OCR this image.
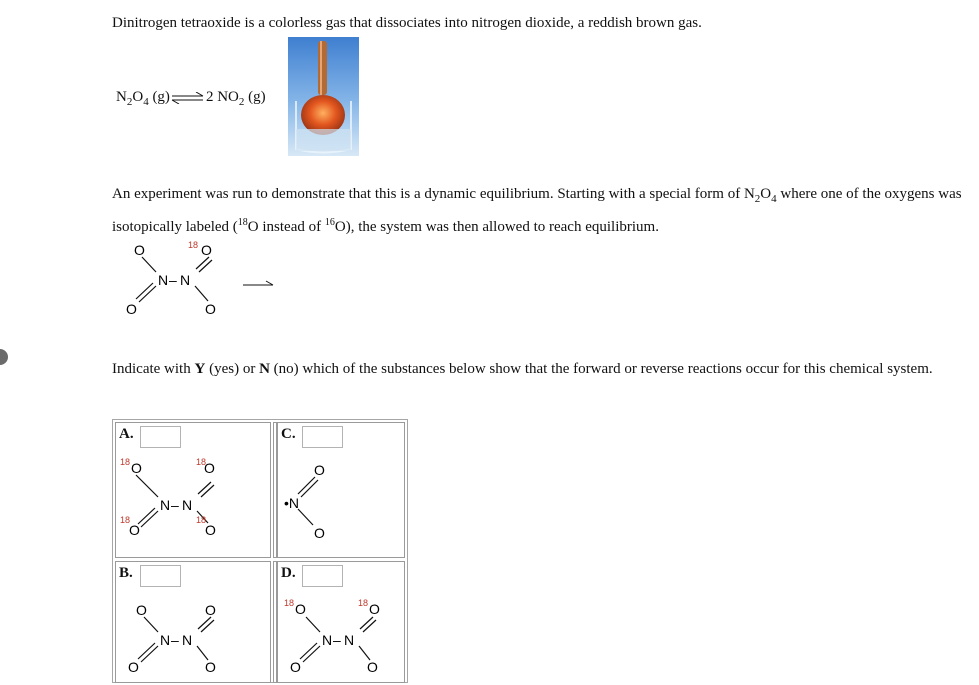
Dinitrogen tetraoxide is a colorless gas that dissociates into nitrogen dioxide, a reddish brown gas.
$N_2O_4$ (g)⇌2 $NO_2$ (g)
An experiment was run to demonstrate that this is a dynamic equilibrium. Starting with a special form of $N_2O_4$ where one of the oxygens was isotopically labeled ($^{18}$O instead of $^{16}$O), the system was then allowed to reach equilibrium.
O	18 O
N – N
O	O
Indicate with Y (yes) or N (no) which of the substances below show that the forward or reverse reactions occur for this chemical system.
A.
18 O	18
O
N – N
18
O
18
O
C.
O
•N
O
B.
O	O
N – N
O	O
D.
18 O	18 O
N – N
O	O
